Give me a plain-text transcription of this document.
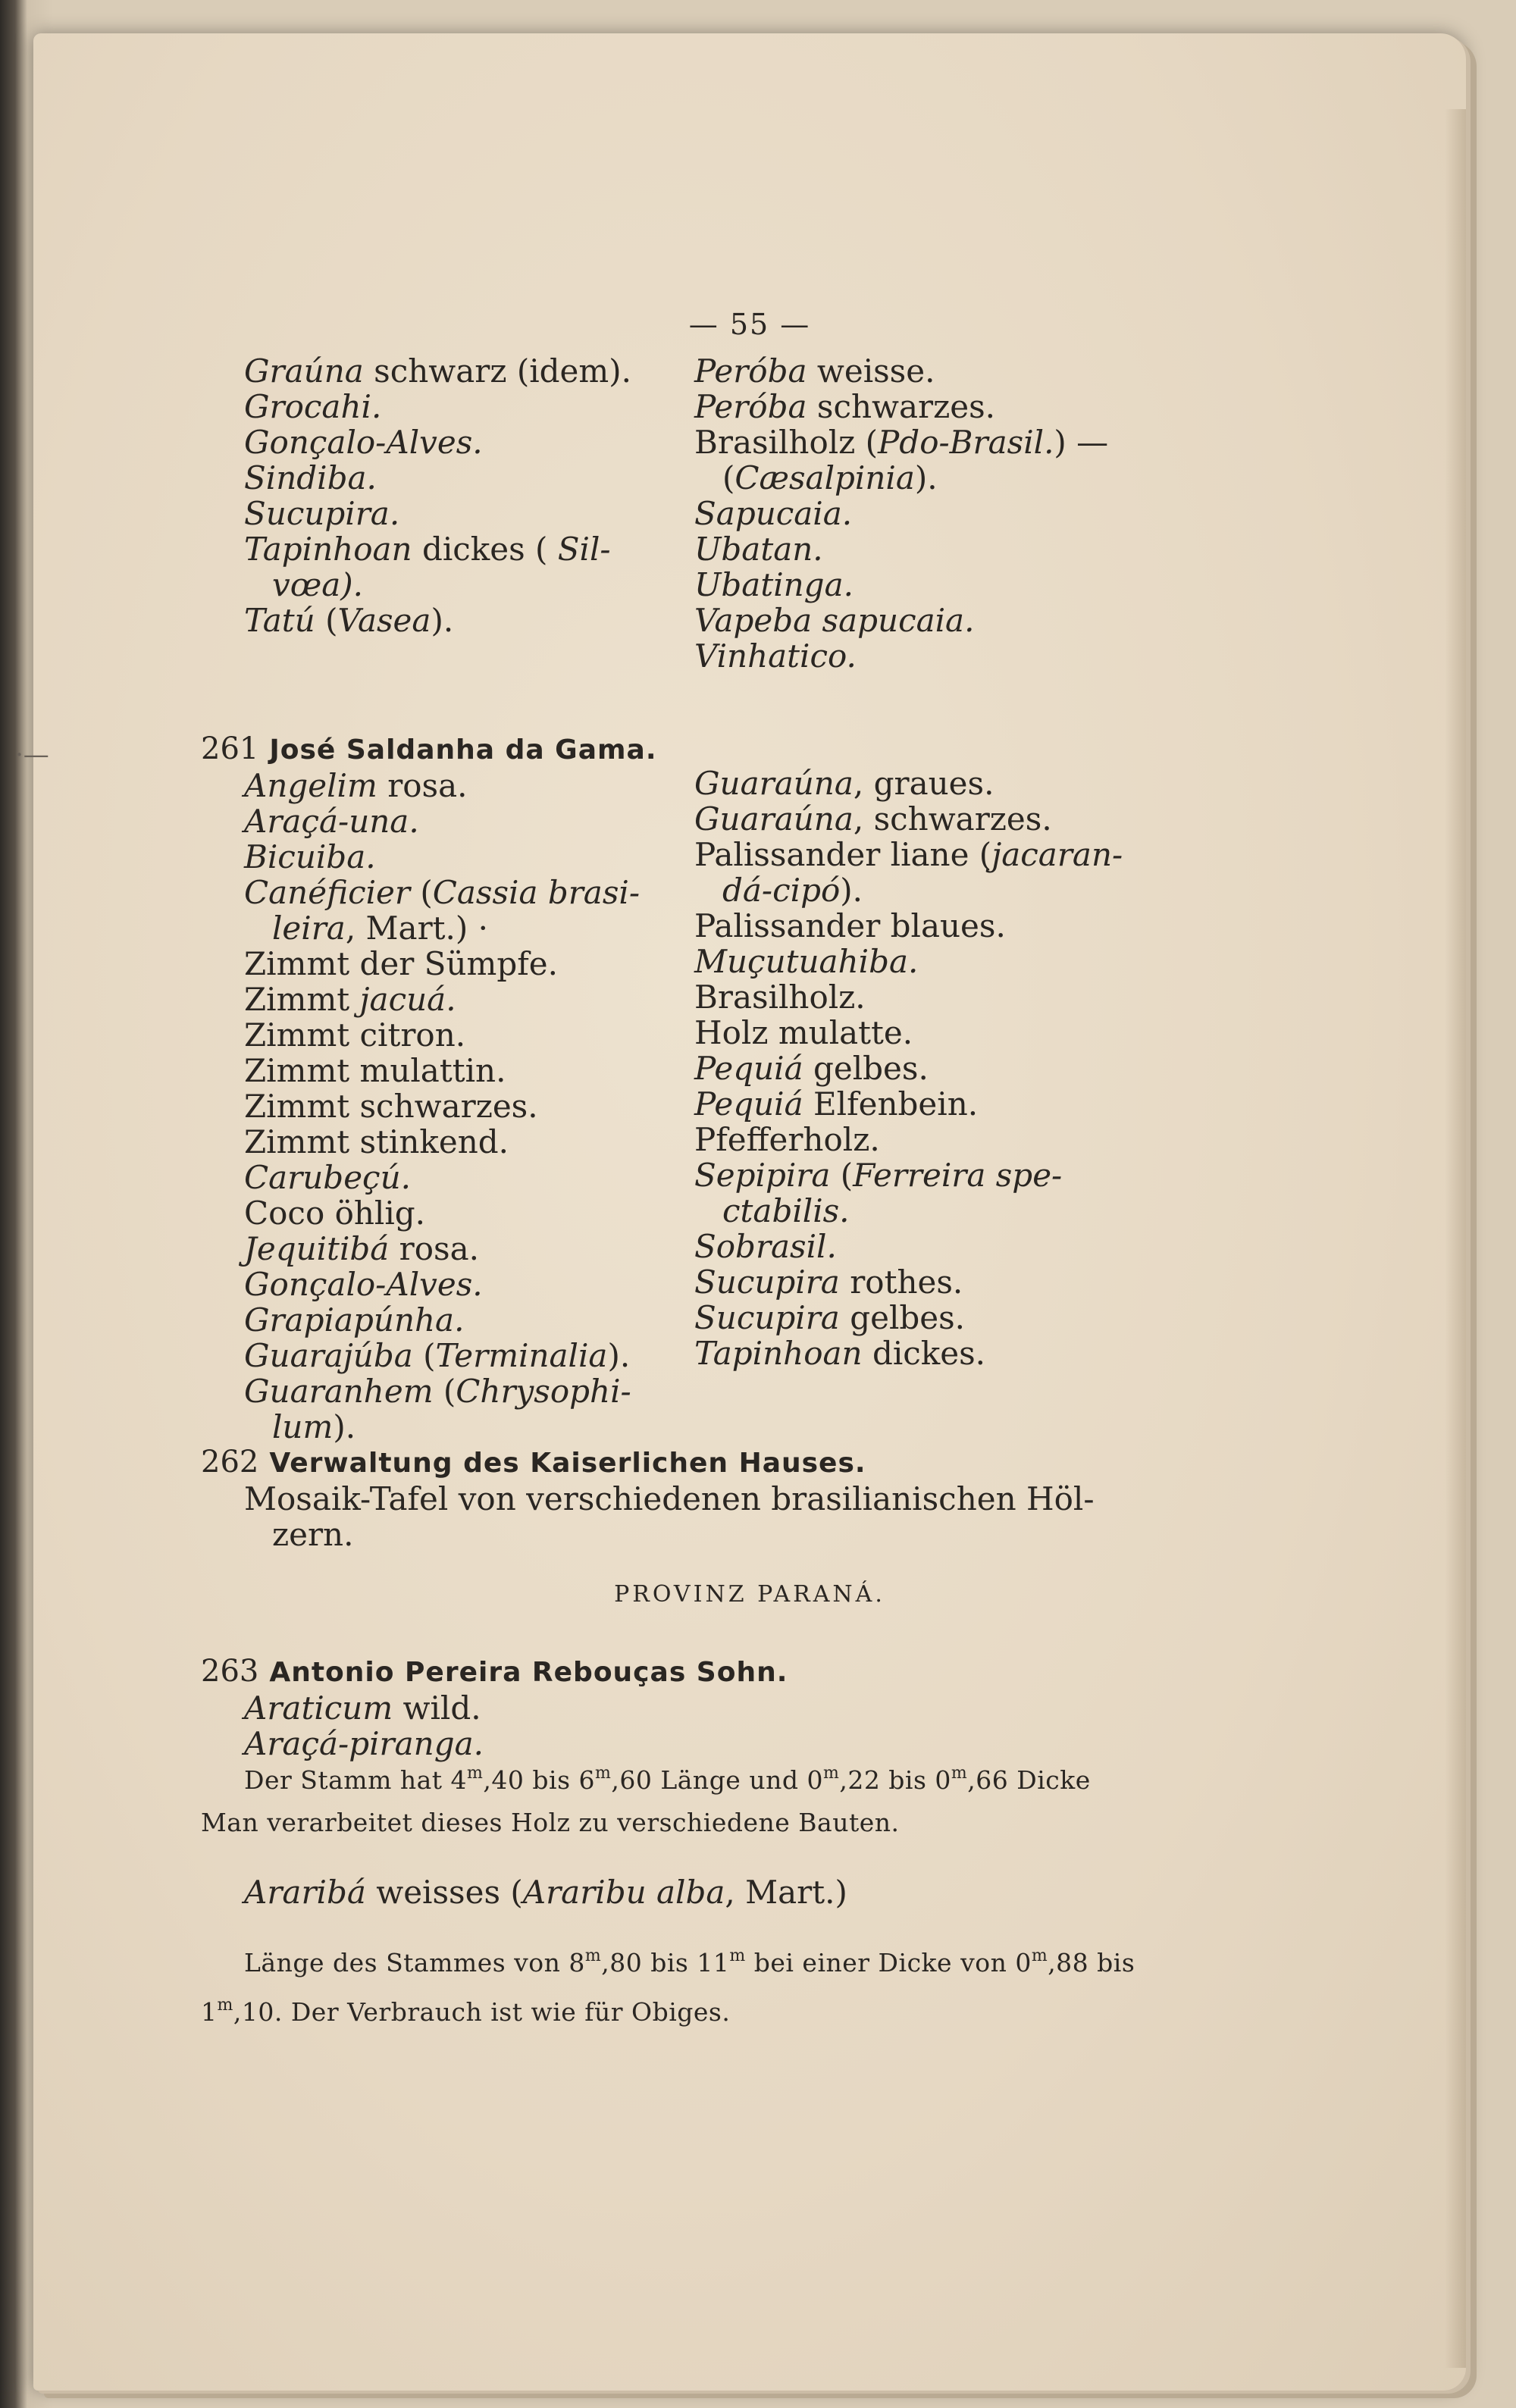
— 55 —
Graúna schwarz (idem).
Grocahi.
Gonçalo-Alves.
Sindiba.
Sucupira.
Tapinhoan dickes ( Sil-
vœa).
Tatú (Vasea).
Peróba weisse.
Peróba schwarzes.
Brasilholz (Pdo-Brasil.) —
(Cæsalpinia).
Sapucaia.
Ubatan.
Ubatinga.
Vapeba sapucaia.
Vinhatico.
261 José Saldanha da Gama.
Angelim rosa.
Araçá-una.
Bicuiba.
Canéficier (Cassia brasi-
leira, Mart.) ·
Zimmt der Sümpfe.
Zimmt jacuá.
Zimmt citron.
Zimmt mulattin.
Zimmt schwarzes.
Zimmt stinkend.
Carubeçú.
Coco öhlig.
Jequitibá rosa.
Gonçalo-Alves.
Grapiapúnha.
Guarajúba (Terminalia).
Guaranhem (Chrysophi-
lum).
Guaraúna, graues.
Guaraúna, schwarzes.
Palissander liane (jacaran-
dá-cipó).
Palissander blaues.
Muçutuahiba.
Brasilholz.
Holz mulatte.
Pequiá gelbes.
Pequiá Elfenbein.
Pfefferholz.
Sepipira (Ferreira spe-
ctabilis.
Sobrasil.
Sucupira rothes.
Sucupira gelbes.
Tapinhoan dickes.
262 Verwaltung des Kaiserlichen Hauses.
Mosaik-Tafel von verschiedenen brasilianischen Höl-
zern.
PROVINZ PARANÁ.
263 Antonio Pereira Rebouças Sohn.
Araticum wild.
Araçá-piranga.
Der Stamm hat 4$^m$,40 bis 6$^m$,60 Länge und 0$^m$,22 bis 0$^m$,66 Dicke
Man verarbeitet dieses Holz zu verschiedene Bauten.
Araribá weisses (Araribu alba, Mart.)
Länge des Stammes von 8$^m$,80 bis 11$^m$ bei einer Dicke von 0$^m$,88 bis
1$^m$,10. Der Verbrauch ist wie für Obiges.
·—
